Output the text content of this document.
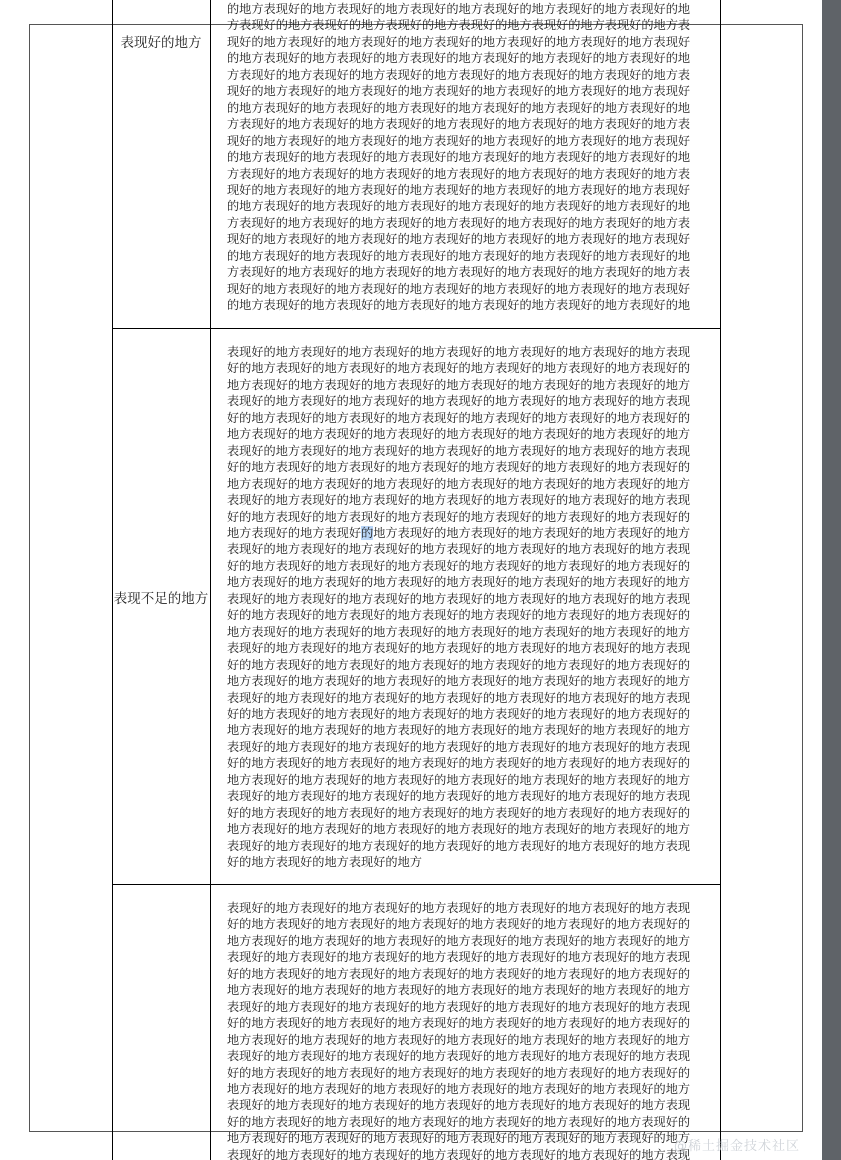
表现好的地方
的地方表现好的地方表现好的地方表现好的地方表现好的地方表现好的地方表现好的地方表现好的地方表现好的地方表现好的地方表现好的地方表现好的地方表现好的地方表现好的地方表现好的地方表现好的地方表现好的地方表现好的地方表现好的地方表现好的地方表现好的地方表现好的地方表现好的地方表现好的地方表现好的地方表现好的地方表现好的地方表现好的地方表现好的地方表现好的地方表现好的地方表现好的地方表现好的地方表现好的地方表现好的地方表现好的地方表现好的地方表现好的地方表现好的地方表现好的地方表现好的地方表现好的地方表现好的地方表现好的地方表现好的地方表现好的地方表现好的地方表现好的地方表现好的地方表现好的地方表现好的地方表现好的地方表现好的地方表现好的地方表现好的地方表现好的地方表现好的地方表现好的地方表现好的地方表现好的地方表现好的地方表现好的地方表现好的地方表现好的地方表现好的地方表现好的地方表现好的地方表现好的地方表现好的地方表现好的地方表现好的地方表现好的地方表现好的地方表现好的地方表现好的地方表现好的地方表现好的地方表现好的地方表现好的地方表现好的地方表现好的地方表现好的地方表现好的地方表现好的地方表现好的地方表现好的地方表现好的地方表现好的地方表现好的地方表现好的地方表现好的地方表现好的地方表现好的地方表现好的地方表现好的地方表现好的地方表现好的地方表现好的地方表现好的地方表现好的地方表现好的地方表现好的地方表现好的地方表现好的地方表现好的地方表现好的地方表现好的地方表现好的地方表现好的地方表现好的地方表现好的地方表现好的地方表现好的地方表现好的地方表现好的地方表现好的地方表现好的地方表现好的地方表现好的地方表现好的地方表现好的地
表现不足的地方
表现好的地方表现好的地方表现好的地方表现好的地方表现好的地方表现好的地方表现好的地方表现好的地方表现好的地方表现好的地方表现好的地方表现好的地方表现好的地方表现好的地方表现好的地方表现好的地方表现好的地方表现好的地方表现好的地方表现好的地方表现好的地方表现好的地方表现好的地方表现好的地方表现好的地方表现好的地方表现好的地方表现好的地方表现好的地方表现好的地方表现好的地方表现好的地方表现好的地方表现好的地方表现好的地方表现好的地方表现好的地方表现好的地方表现好的地方表现好的地方表现好的地方表现好的地方表现好的地方表现好的地方表现好的地方表现好的地方表现好的地方表现好的地方表现好的地方表现好的地方表现好的地方表现好的地方表现好的地方表现好的地方表现好的地方表现好的地方表现好的地方表现好的地方表现好的地方表现好的地方表现好的地方表现好的地方表现好的地方表现好的地方表现好的地方表现好的地方表现好的地方表现好的地方表现好的地方表现好的地方表现好的地方表现好的地方表现好的地方表现好的地方表现好的地方表现好的地方表现好的地方表现好的地方表现好的地方表现好的地方表现好的地方表现好的地方表现好的地方表现好的地方表现好的地方表现好的地方表现好的地方表现好的地方表现好的地方表现好的地方表现好的地方表现好的地方表现好的地方表现好的地方表现好的地方表现好的地方表现好的地方表现好的地方表现好的地方表现好的地方表现好的地方表现好的地方表现好的地方表现好的地方表现好的地方表现好的地方表现好的地方表现好的地方表现好的地方表现好的地方表现好的地方表现好的地方表现好的地方表现好的地方表现好的地方表现好的地方表现好的地方表现好的地方表现好的地方表现好的地方表现好的地方表现好的地方表现好的地方表现好的地方表现好的地方表现好的地方表现好的地方表现好的地方表现好的地方表现好的地方表现好的地方表现好的地方表现好的地方表现好的地方表现好的地方表现好的地方表现好的地方表现好的地方表现好的地方表现好的地方表现好的地方表现好的地方表现好的地方表现好的地方表现好的地方表现好的地方表现好的地方表现好的地方表现好的地方表现好的地方表现好的地方表现好的地方表现好的地方表现好的地方表现好的地方表现好的地方表现好的地方表现好的地方表现好的地方表现好的地方表现好的地方表现好的地方表现好的地方表现好的地方表现好的地方表现好的地方表现好的地方表现好的地方表现好的地方表现好的地方表现好的地方表现好的地方表现好的地方表现好的地方表现好的地方表现好的地方表现好的地方表现好的地方表现好的地方表现好的地方表现好的地方表现好的地方表现好的地方表现好的地方表现好的地方表现好的地方表现好的地方表现好的地方表现好的地方表现好的地方表现好的地方表现好的地方表现好的地方表现好的地方表现好的地方表现好的地方表现好的地方表现好的地方表现好的地方
表现好的地方表现好的地方表现好的地方表现好的地方表现好的地方表现好的地方表现好的地方表现好的地方表现好的地方表现好的地方表现好的地方表现好的地方表现好的地方表现好的地方表现好的地方表现好的地方表现好的地方表现好的地方表现好的地方表现好的地方表现好的地方表现好的地方表现好的地方表现好的地方表现好的地方表现好的地方表现好的地方表现好的地方表现好的地方表现好的地方表现好的地方表现好的地方表现好的地方表现好的地方表现好的地方表现好的地方表现好的地方表现好的地方表现好的地方表现好的地方表现好的地方表现好的地方表现好的地方表现好的地方表现好的地方表现好的地方表现好的地方表现好的地方表现好的地方表现好的地方表现好的地方表现好的地方表现好的地方表现好的地方表现好的地方表现好的地方表现好的地方表现好的地方表现好的地方表现好的地方表现好的地方表现好的地方表现好的地方表现好的地方表现好的地方表现好的地方表现好的地方表现好的地方表现好的地方表现好的地方表现好的地方表现好的地方表现好的地方表现好的地方表现好的地方表现好的地方表现好的地方表现好的地方表现好的地方表现好的地方表现好的地方表现好的地方表现好的地方表现好的地方表现好的地方表现好的地方表现好的地方表现好的地方表现好的地方表现好的地方表现好的地方表现好的地方表现好的地方表现好的地方表现好的地方表现好的地方表现好的地方表现好的地方表现好的地方表现好的地方表现好的地方表现
@稀土掘金技术社区
